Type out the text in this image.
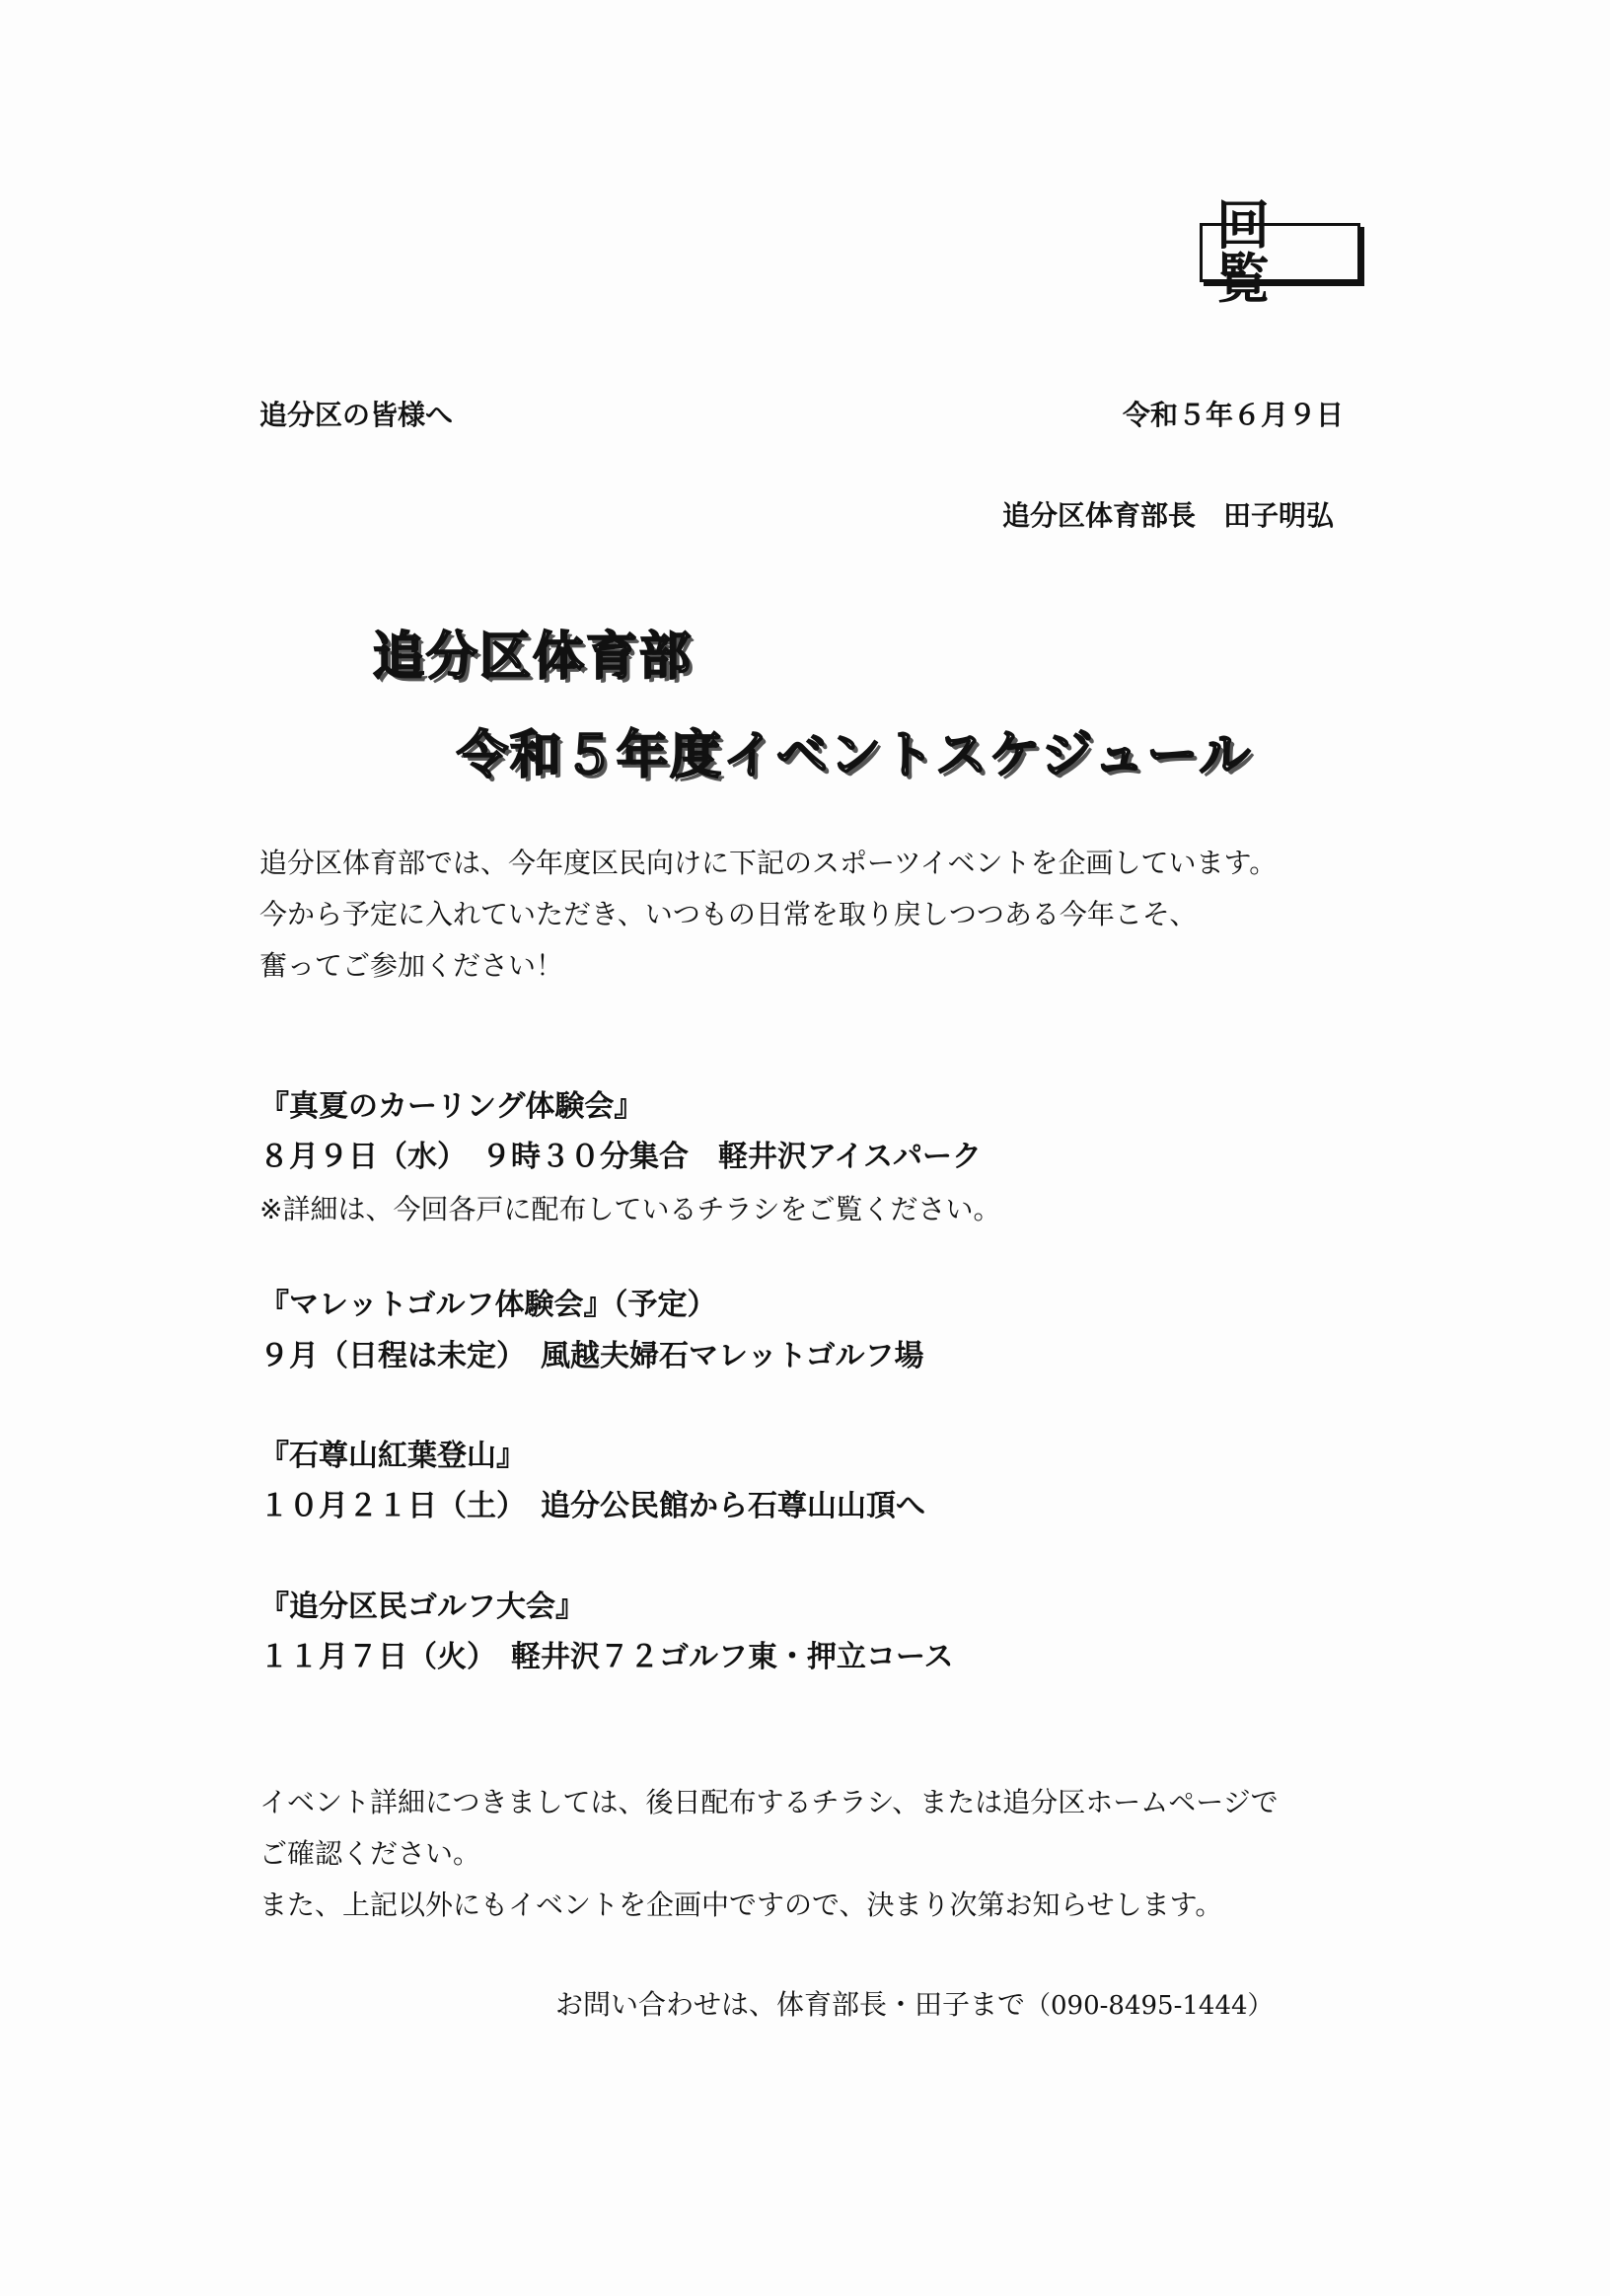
回覧
追分区の皆様へ	令和５年６月９日
追分区体育部長　田子明弘
追分区体育部
令和５年度イベントスケジュール
追分区体育部では、今年度区民向けに下記のスポーツイベントを企画しています。
今から予定に入れていただき、いつもの日常を取り戻しつつある今年こそ、
奮ってご参加ください！
『真夏のカーリング体験会』
８月９日（水）　９時３０分集合　軽井沢アイスパーク
※詳細は、今回各戸に配布しているチラシをご覧ください。
『マレットゴルフ体験会』（予定）
９月（日程は未定）　風越夫婦石マレットゴルフ場
『石尊山紅葉登山』
１０月２１日（土）　追分公民館から石尊山山頂へ
『追分区民ゴルフ大会』
１１月７日（火）　軽井沢７２ゴルフ東・押立コース
イベント詳細につきましては、後日配布するチラシ、または追分区ホームページで
ご確認ください。
また、上記以外にもイベントを企画中ですので、決まり次第お知らせします。
お問い合わせは、体育部長・田子まで（090-8495-1444）
